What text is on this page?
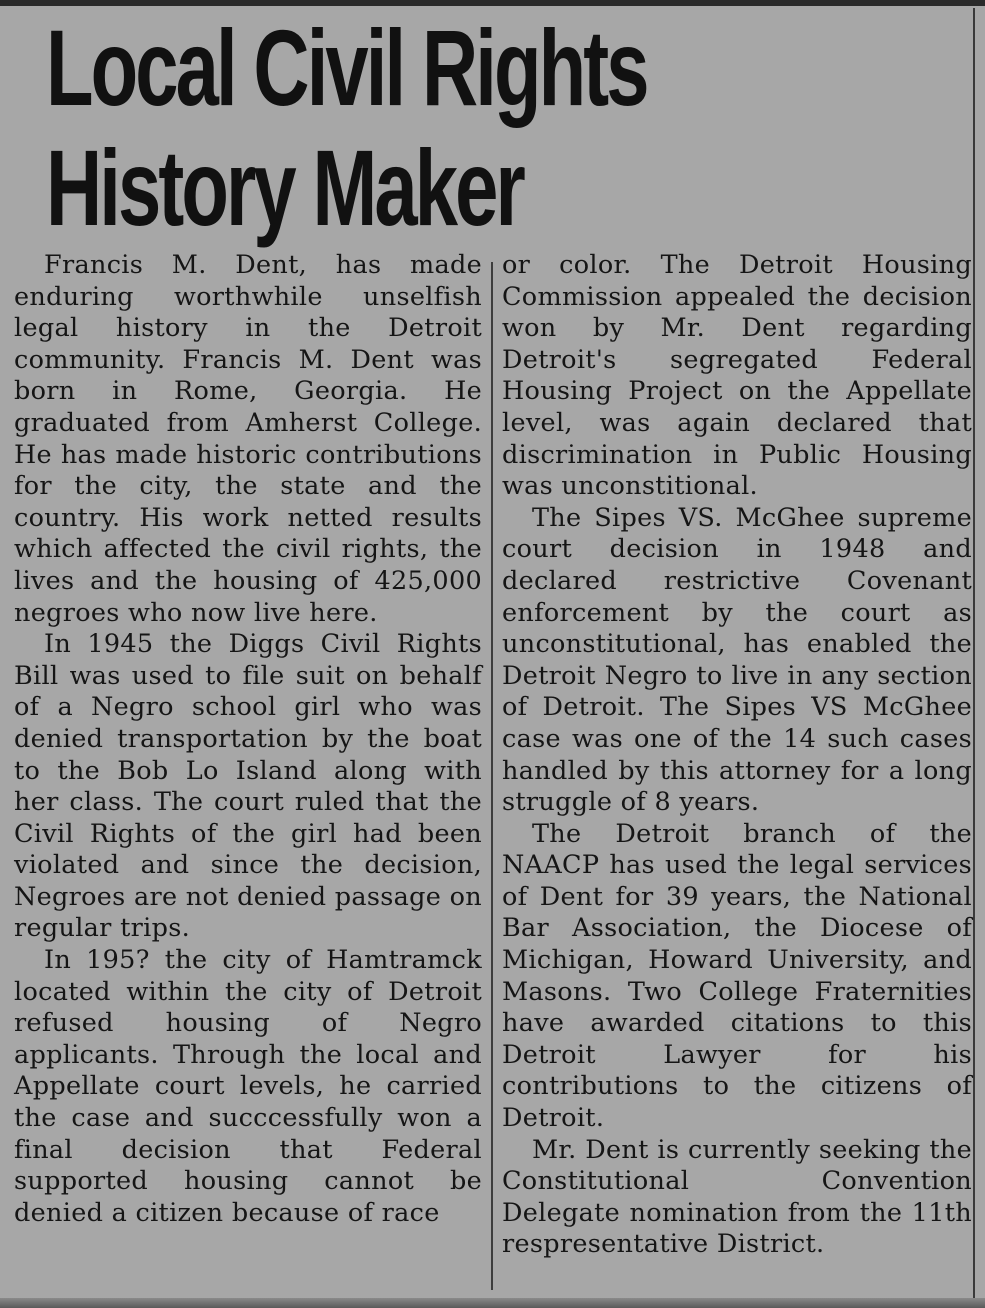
Local Civil Rights
History Maker

Francis M. Dent, has made enduring worthwhile unselfish legal history in the Detroit community. Francis M. Dent was born in Rome, Georgia. He graduated from Amherst College. He has made historic contributions for the city, the state and the country. His work netted results which affected the civil rights, the lives and the housing of 425,000 negroes who now live here.

In 1945 the Diggs Civil Rights Bill was used to file suit on behalf of a Negro school girl who was denied transportation by the boat to the Bob Lo Island along with her class. The court ruled that the Civil Rights of the girl had been violated and since the decision, Negroes are not denied passage on regular trips.

In 195? the city of Hamtramck located within the city of Detroit refused housing of Negro applicants. Through the local and Appellate court levels, he carried the case and succcessfully won a final decision that Federal supported housing cannot be denied a citizen because of race

or color. The Detroit Housing Commission appealed the decision won by Mr. Dent regarding Detroit's segregated Federal Housing Project on the Appellate level, was again declared that discrimination in Public Housing was unconstitional.

The Sipes VS. McGhee supreme court decision in 1948 and declared restrictive Covenant enforcement by the court as unconstitutional, has enabled the Detroit Negro to live in any section of Detroit. The Sipes VS McGhee case was one of the 14 such cases handled by this attorney for a long struggle of 8 years.

The Detroit branch of the NAACP has used the legal services of Dent for 39 years, the National Bar Association, the Diocese of Michigan, Howard University, and Masons. Two College Fraternities have awarded citations to this Detroit Lawyer for his contributions to the citizens of Detroit.

Mr. Dent is currently seeking the Constitutional Convention Delegate nomination from the 11th respresentative District.
